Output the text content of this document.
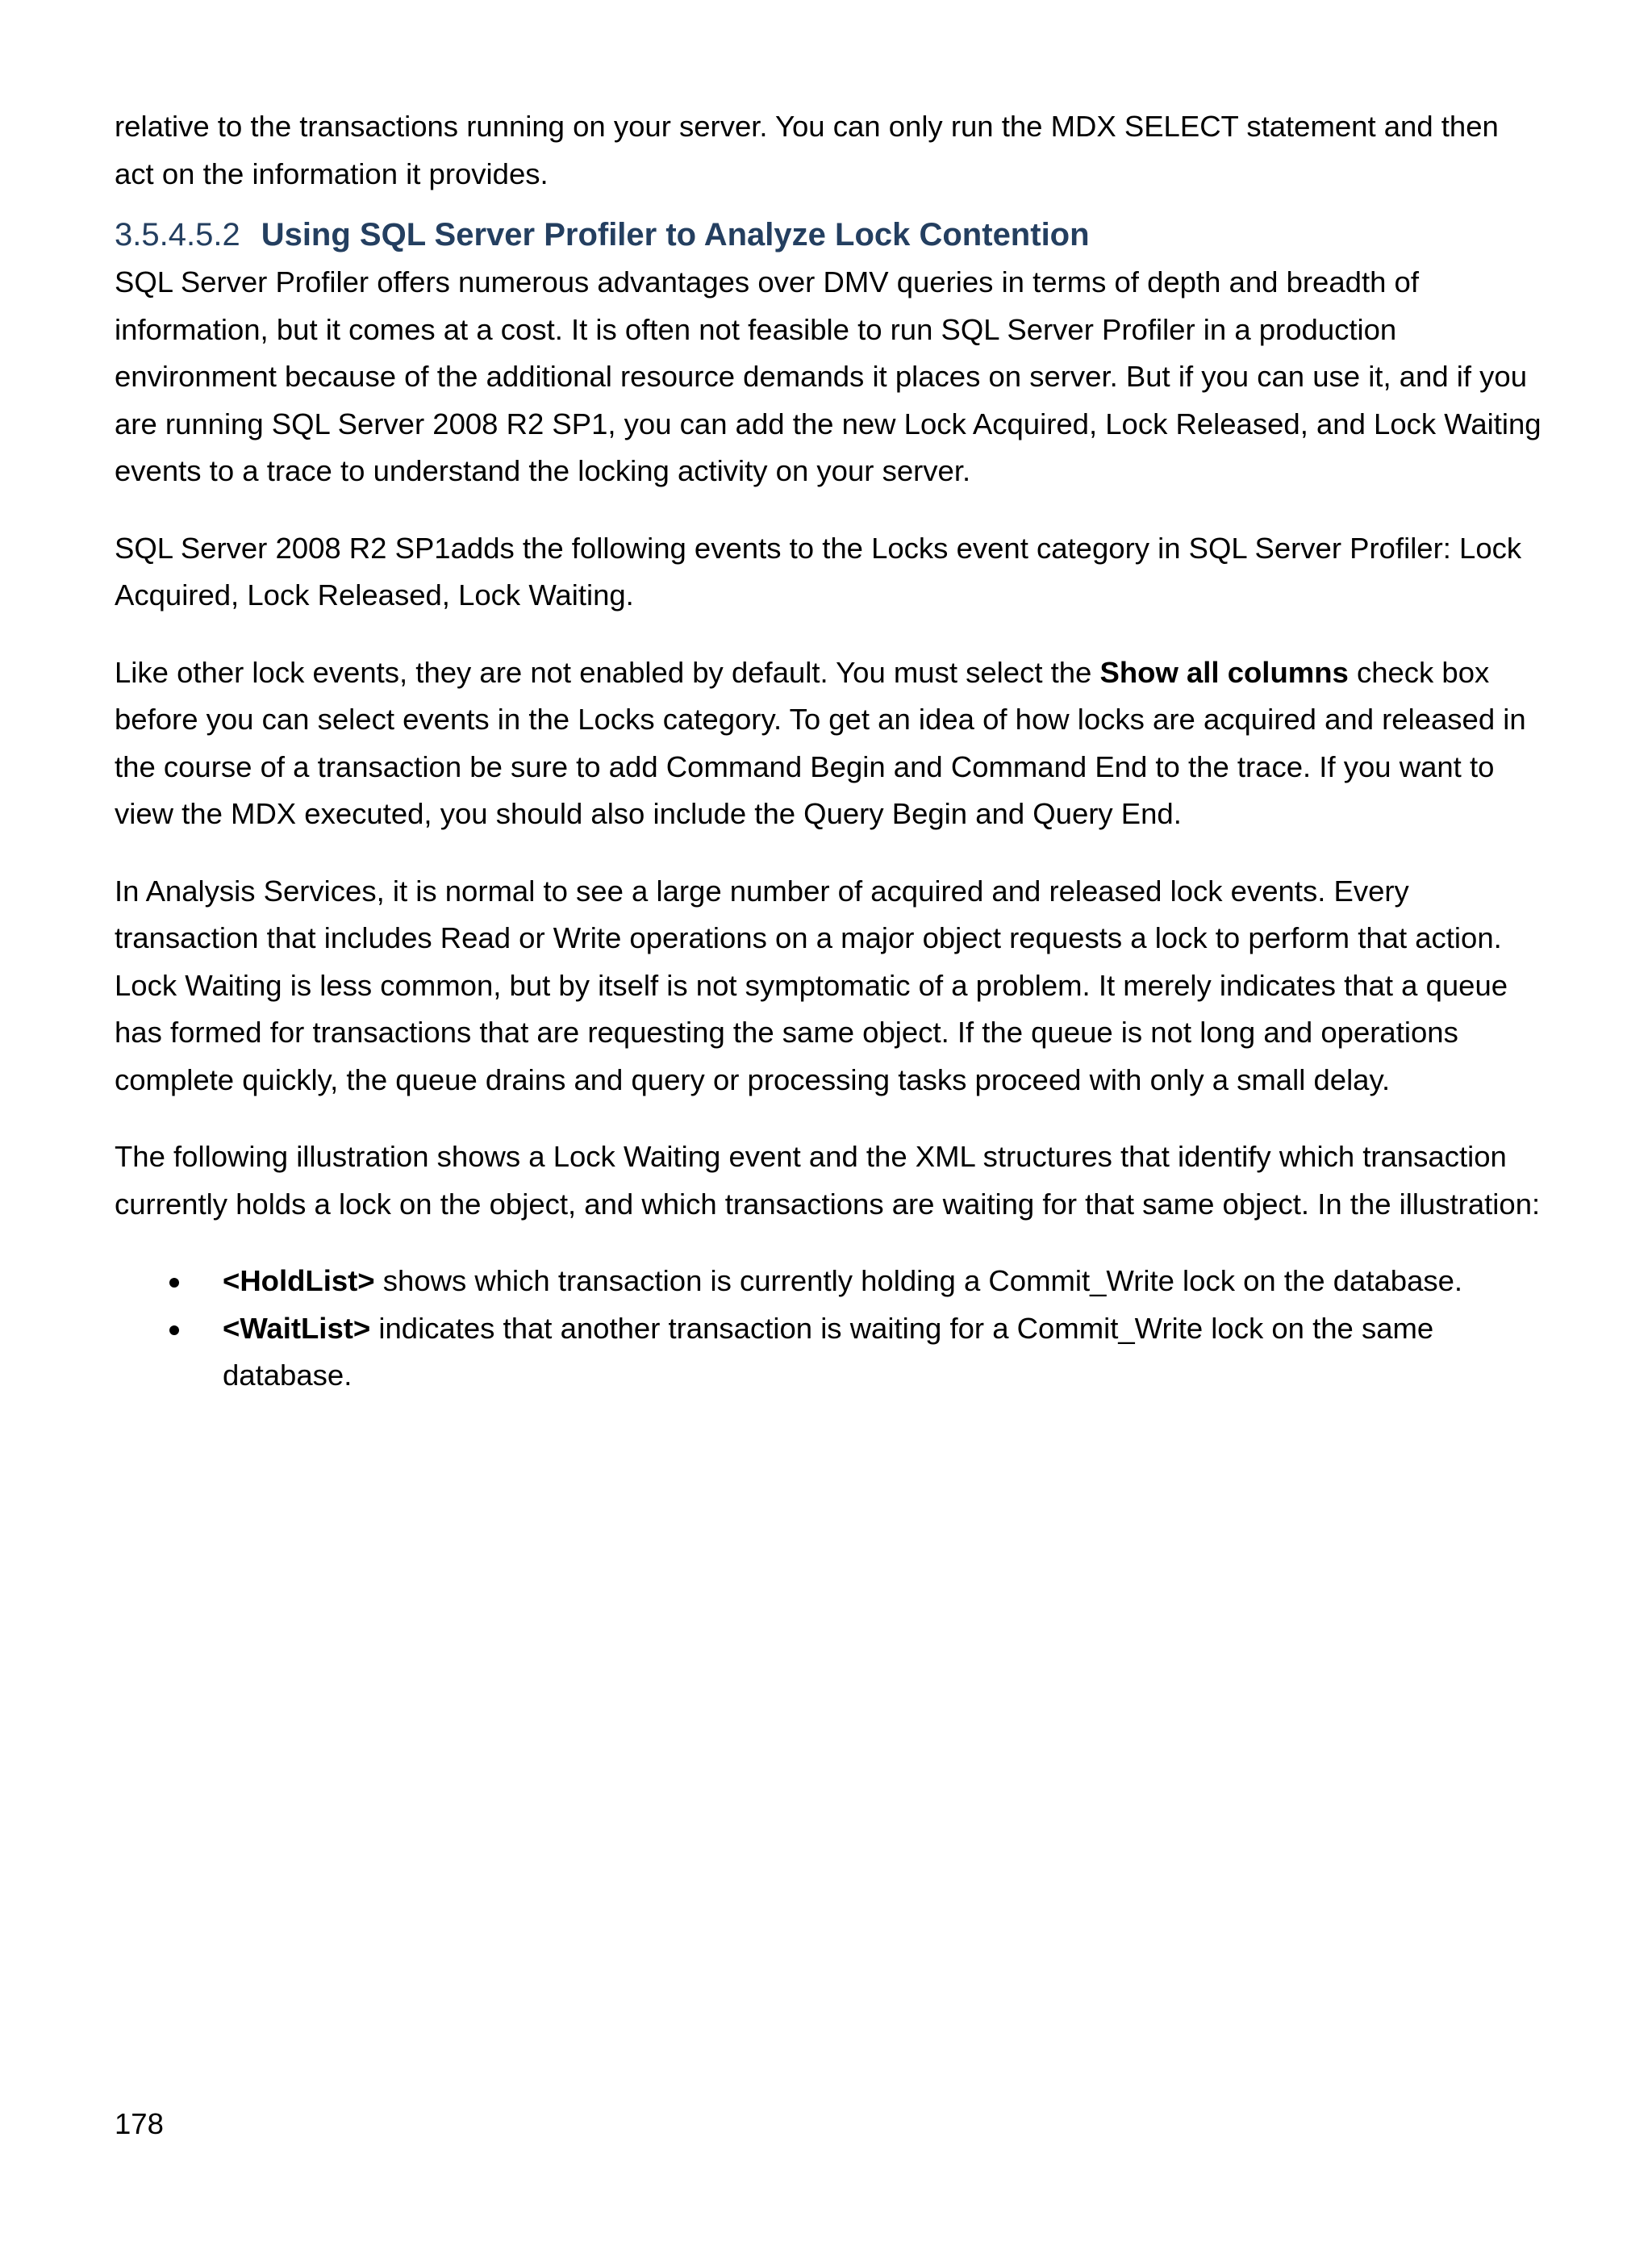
relative to the transactions running on your server. You can only run the MDX SELECT statement and then act on the information it provides.

3.5.4.5.2 Using SQL Server Profiler to Analyze Lock Contention

SQL Server Profiler offers numerous advantages over DMV queries in terms of depth and breadth of information, but it comes at a cost. It is often not feasible to run SQL Server Profiler in a production environment because of the additional resource demands it places on server. But if you can use it, and if you are running SQL Server 2008 R2 SP1, you can add the new Lock Acquired, Lock Released, and Lock Waiting events to a trace to understand the locking activity on your server.

SQL Server 2008 R2 SP1adds the following events to the Locks event category in SQL Server Profiler: Lock Acquired, Lock Released, Lock Waiting.

Like other lock events, they are not enabled by default. You must select the Show all columns check box before you can select events in the Locks category. To get an idea of how locks are acquired and released in the course of a transaction be sure to add Command Begin and Command End to the trace. If you want to view the MDX executed, you should also include the Query Begin and Query End.

In Analysis Services, it is normal to see a large number of acquired and released lock events. Every transaction that includes Read or Write operations on a major object requests a lock to perform that action. Lock Waiting is less common, but by itself is not symptomatic of a problem. It merely indicates that a queue has formed for transactions that are requesting the same object. If the queue is not long and operations complete quickly, the queue drains and query or processing tasks proceed with only a small delay.

The following illustration shows a Lock Waiting event and the XML structures that identify which transaction currently holds a lock on the object, and which transactions are waiting for that same object. In the illustration:

<HoldList> shows which transaction is currently holding a Commit_Write lock on the database.
<WaitList> indicates that another transaction is waiting for a Commit_Write lock on the same database.
178
